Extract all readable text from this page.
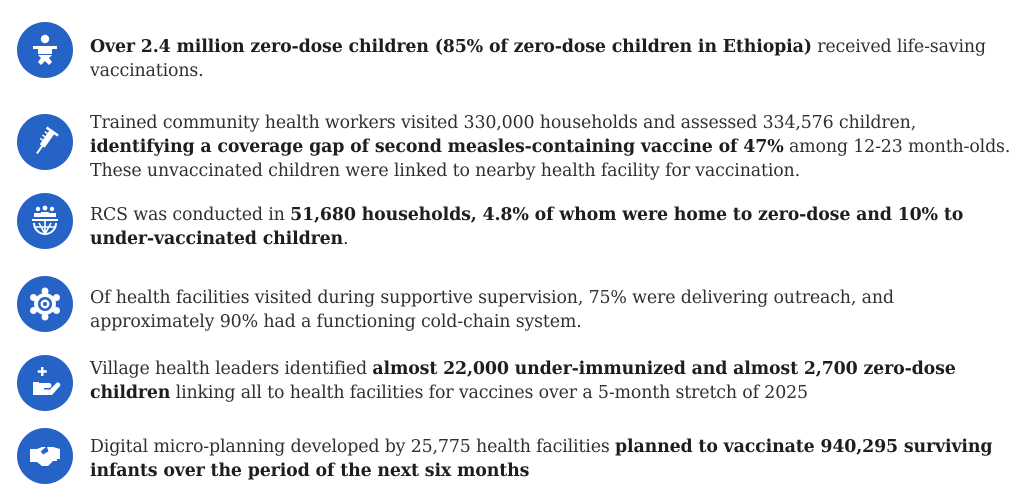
Over 2.4 million zero-dose children (85% of zero-dose children in Ethiopia) received life-saving vaccinations.
Trained community health workers visited 330,000 households and assessed 334,576 children, identifying a coverage gap of second measles-containing vaccine of 47% among 12-23 month-olds. These unvaccinated children were linked to nearby health facility for vaccination.
RCS was conducted in 51,680 households, 4.8% of whom were home to zero-dose and 10% to under-vaccinated children.
Of health facilities visited during supportive supervision, 75% were delivering outreach, and approximately 90% had a functioning cold-chain system.
Village health leaders identified almost 22,000 under-immunized and almost 2,700 zero-dose children linking all to health facilities for vaccines over a 5-month stretch of 2025
Digital micro-planning developed by 25,775 health facilities planned to vaccinate 940,295 surviving infants over the period of the next six months
